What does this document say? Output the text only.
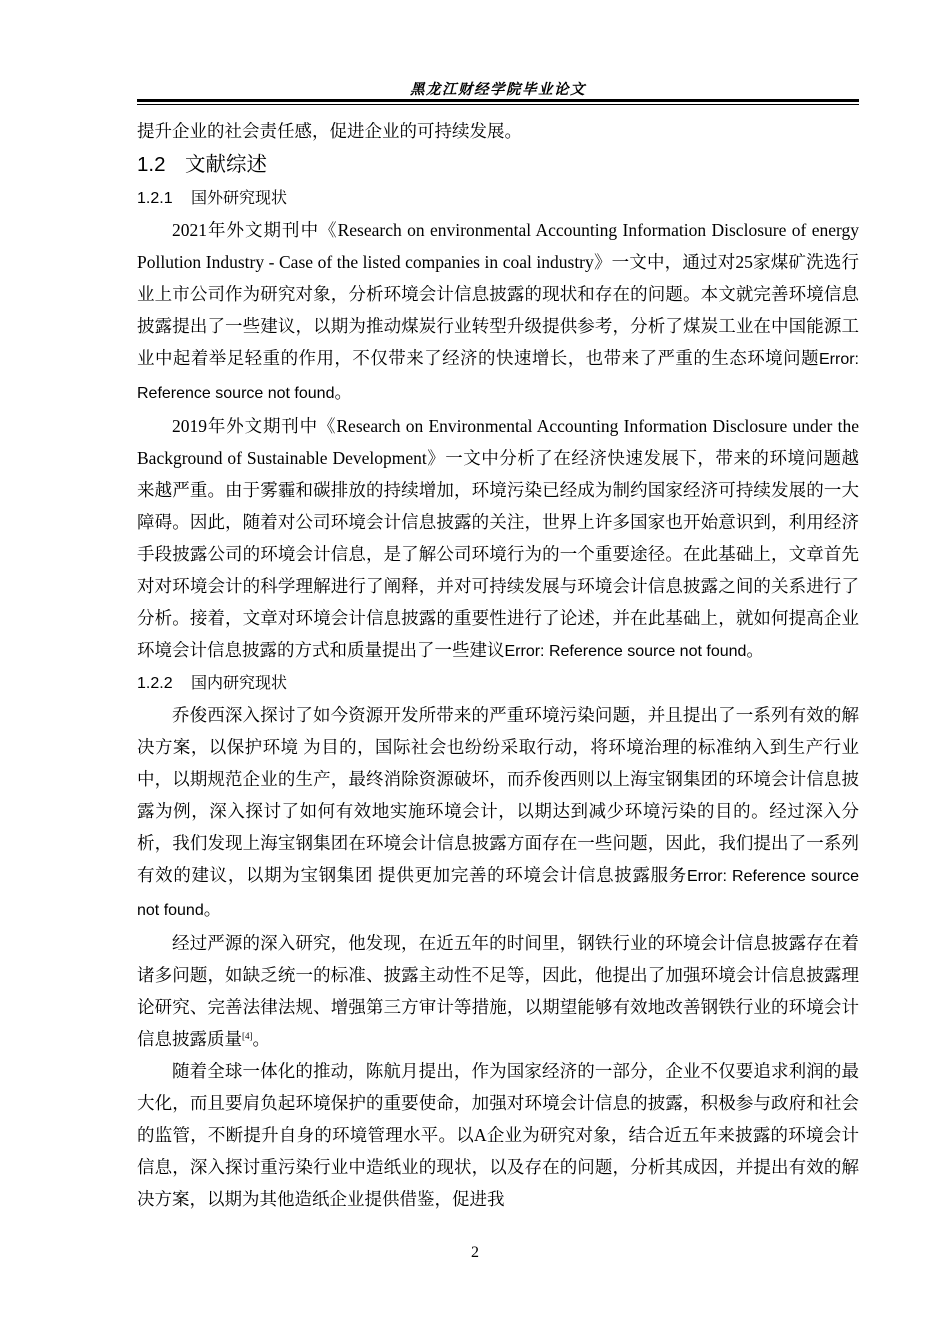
黑龙江财经学院毕业论文

提升企业的社会责任感，促进企业的可持续发展。

1.2 文献综述
1.2.1 国外研究现状

2021年外文期刊中《Research on environmental Accounting Information Disclosure of energy Pollution Industry - Case of the listed companies in coal industry》一文中，通过对25家煤矿洗选行业上市公司作为研究对象，分析环境会计信息披露的现状和存在的问题。本文就完善环境信息披露提出了一些建议，以期为推动煤炭行业转型升级提供参考，分析了煤炭工业在中国能源工业中起着举足轻重的作用，不仅带来了经济的快速增长，也带来了严重的生态环境问题Error: Reference source not found。

2019年外文期刊中《Research on Environmental Accounting Information Disclosure under the Background of Sustainable Development》一文中分析了在经济快速发展下，带来的环境问题越来越严重。由于雾霾和碳排放的持续增加，环境污染已经成为制约国家经济可持续发展的一大障碍。因此，随着对公司环境会计信息披露的关注，世界上许多国家也开始意识到，利用经济手段披露公司的环境会计信息，是了解公司环境行为的一个重要途径。在此基础上，文章首先对对环境会计的科学理解进行了阐释，并对可持续发展与环境会计信息披露之间的关系进行了分析。接着，文章对环境会计信息披露的重要性进行了论述，并在此基础上，就如何提高企业环境会计信息披露的方式和质量提出了一些建议Error: Reference source not found。

1.2.2 国内研究现状

乔俊西深入探讨了如今资源开发所带来的严重环境污染问题，并且提出了一系列有效的解决方案，以保护环境 为目的，国际社会也纷纷采取行动，将环境治理的标准纳入到生产行业中，以期规范企业的生产，最终消除资源破坏，而乔俊西则以上海宝钢集团的环境会计信息披露为例，深入探讨了如何有效地实施环境会计，以期达到减少环境污染的目的。经过深入分析，我们发现上海宝钢集团在环境会计信息披露方面存在一些问题，因此，我们提出了一系列有效的建议，以期为宝钢集团 提供更加完善的环境会计信息披露服务Error: Reference source not found。

经过严源的深入研究，他发现，在近五年的时间里，钢铁行业的环境会计信息披露存在着诸多问题，如缺乏统一的标准、披露主动性不足等，因此，他提出了加强环境会计信息披露理论研究、完善法律法规、增强第三方审计等措施，以期望能够有效地改善钢铁行业的环境会计信息披露质量[4]。

随着全球一体化的推动，陈航月提出，作为国家经济的一部分，企业不仅要追求利润的最大化，而且要肩负起环境保护的重要使命，加强对环境会计信息的披露，积极参与政府和社会的监管，不断提升自身的环境管理水平。以A企业为研究对象，结合近五年来披露的环境会计信息，深入探讨重污染行业中造纸业的现状，以及存在的问题，分析其成因，并提出有效的解决方案，以期为其他造纸企业提供借鉴，促进我

2
